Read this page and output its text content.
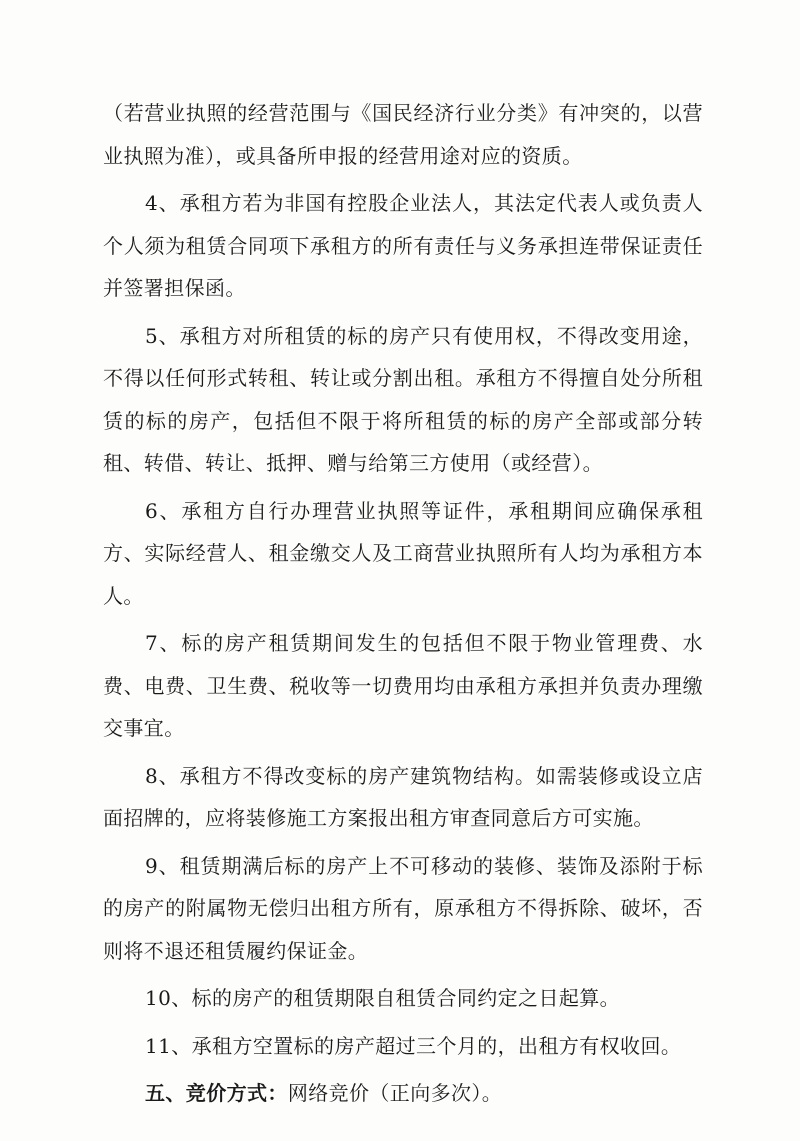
（若营业执照的经营范围与《国民经济行业分类》有冲突的，以营业执照为准），或具备所申报的经营用途对应的资质。

4、承租方若为非国有控股企业法人，其法定代表人或负责人个人须为租赁合同项下承租方的所有责任与义务承担连带保证责任并签署担保函。

5、承租方对所租赁的标的房产只有使用权，不得改变用途，不得以任何形式转租、转让或分割出租。承租方不得擅自处分所租赁的标的房产，包括但不限于将所租赁的标的房产全部或部分转租、转借、转让、抵押、赠与给第三方使用（或经营）。

6、承租方自行办理营业执照等证件，承租期间应确保承租方、实际经营人、租金缴交人及工商营业执照所有人均为承租方本人。

7、标的房产租赁期间发生的包括但不限于物业管理费、水费、电费、卫生费、税收等一切费用均由承租方承担并负责办理缴交事宜。

8、承租方不得改变标的房产建筑物结构。如需装修或设立店面招牌的，应将装修施工方案报出租方审查同意后方可实施。

9、租赁期满后标的房产上不可移动的装修、装饰及添附于标的房产的附属物无偿归出租方所有，原承租方不得拆除、破坏，否则将不退还租赁履约保证金。

10、标的房产的租赁期限自租赁合同约定之日起算。

11、承租方空置标的房产超过三个月的，出租方有权收回。

五、竞价方式：网络竞价（正向多次）。
